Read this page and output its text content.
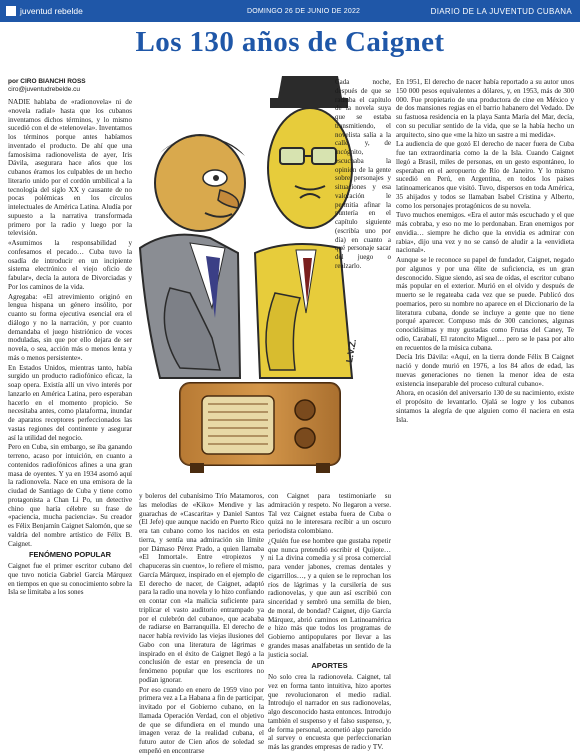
juventud rebelde	DOMINGO 26 DE JUNIO DE 2022	DIARIO DE LA JUVENTUD CUBANA
Los 130 años de Caignet
por CIRO BIANCHI ROSS
ciro@juventudrebelde.cu

NADIE hablaba de «radionovela» ni de «novela radial» hasta que los cubanos inventamos dichos términos, y lo mismo sucedió con el de «telenovela». Inventamos los términos porque antes habíamos inventado el producto. De ahí que una famosísima radionovelista de ayer, Iris Dávila, asegurara hace años que los cubanos éramos los culpables de un hecho literario unido por el cordón umbilical a la tecnología del siglo XX y causante de no pocas polémicas en los círculos intelectuales de América Latina. Aludía por supuesto a la narrativa transformada primero por la radio y luego por la televisión.

«Asumimos la responsabilidad y confesamos el pecado… Cuba tuvo la osadía de introducir en un incipiente sistema electrónico el viejo oficio de fabular», decía la autora de Divorciadas y Por los caminos de la vida.

Agregaba: «El atrevimiento originó en lengua hispana un género insólito, por cuanto su forma ejecutiva esencial era el diálogo y no la narración, y por cuanto demandaba el juego histriónico de voces moduladas, sin que por ello dejara de ser novela, o sea, acción más o menos lenta y más o menos persistente».

En Estados Unidos, mientras tanto, había surgido un producto radiofónico eficaz, la soap opera. Existía allí un vivo interés por lanzarlo en América Latina, pero esperaban hacerlo en el momento propicio. Se necesitaba antes, como plataforma, inundar de aparatos receptores perfeccionados las vastas regiones del continente y asegurar así la utilidad del negocio.

Pero en Cuba, sin embargo, se iba ganando terreno, acaso por intuición, en cuanto a contenidos radiofónicos afines a una gran masa de oyentes. Y ya en 1934 asomó aquí la radionovela. Nace en una emisora de la ciudad de Santiago de Cuba y tiene como protagonista a Chan Li Po, un detective chino que haría célebre su frase de «paciencia, mucha paciencia». Su creador es Félix Benjamín Caignet Salomón, que se valdría del nombre artístico de Félix B. Caignet.

FENÓMENO POPULAR

Caignet fue el primer escritor cubano del que tuvo noticia Gabriel García Márquez en tiempos en que su conocimiento sobre la Isla se limitaba a los sones

L.V.Z.

Cada noche, después de que se radiaba el capítulo de la novela suya que se estaba transmitiendo, el novelista salía a la calle, y, de incógnito, escuchaba la opinión de la gente sobre personajes y situaciones y esa valoración le permitía afinar la puntería en el capítulo siguiente (escribía uno por día) en cuanto a qué personaje sacar del juego o realzarlo.

y boleros del cubanísimo Trío Matamoros, las melodías de «Kiko» Mendive y las guarachas de «Cascarita» y Daniel Santos (El Jefe) que aunque nacido en Puerto Rico era tan cubano como los nacidos en esta tierra, y sentía una admiración sin límite por Dámaso Pérez Prado, a quien llamaba «El Inmortal». Entre «tropiezos y chapuceras sin cuento», lo refiere el mismo, García Márquez, inspirado en el ejemplo de El derecho de nacer, de Caignet, adaptó para la radio una novela y lo hizo confiando en contar con «la malicia suficiente para triplicar el vasto auditorio entrampado ya por el culebrón del cubano», que acababa de radiarse en Barranquilla. El derecho de nacer había revivido las viejas ilusiones del Gabo con una literatura de lágrimas e inspirado en el éxito de Caignet llegó a la conclusión de estar en presencia de un fenómeno popular que los escritores no podían ignorar.

Por eso cuando en enero de 1959 vino por primera vez a La Habana a fin de participar, invitado por el Gobierno cubano, en la llamada Operación Verdad, con el objetivo de que se difundiera en el mundo una imagen veraz de la realidad cubana, el futuro autor de Cien años de soledad se empeñó en encontrarse

con Caignet para testimoniarle su admiración y respeto. No llegaron a verse. Tal vez Caignet estaba fuera de Cuba o quizá no le interesara recibir a un oscuro periodista colombiano.

¿Quién fue ese hombre que gustaba repetir que nunca pretendió escribir el Quijote… ni La divina comedia y sí prosa comercial para vender jabones, cremas dentales y cigarrillos…, y a quien se le reprochan los ríos de lágrimas y la cursilería de sus radionovelas, y que aun así escribió con sinceridad y sembró una semilla de bien, de moral, de bondad? Caignet, dijo García Márquez, abrió caminos en Latinoamérica e hizo más que todos los programas de Gobierno antipopulares por llevar a las grandes masas analfabetas un sentido de la justicia social.

APORTES

No solo crea la radionovela. Caignet, tal vez en forma tanto intuitiva, hizo aportes que revolucionaron el medio radial. Introdujo el narrador en sus radionovelas, algo desconocido hasta entonces. Introdujo también el suspenso y el falso suspenso, y, de forma personal, acometió algo parecido al survey o encuesta que perfeccionarían más las grandes empresas de radio y TV.

En 1951, El derecho de nacer había reportado a su autor unos 150 000 pesos equivalentes a dólares, y, en 1953, más de 300 000. Fue propietario de una productora de cine en México y de dos mansiones regias en el barrio habanero del Vedado. De su fastuosa residencia en la playa Santa María del Mar, decía, con su peculiar sentido de la vida, que se la había hecho un arquitecto, sino que «me la hizo un sastre a mi medida».

La audiencia de que gozó El derecho de nacer fuera de Cuba fue tan extraordinaria como la de la Isla. Cuando Caignet llegó a Brasil, miles de personas, en un gesto espontáneo, lo esperaban en el aeropuerto de Río de Janeiro. Y lo mismo sucedió en Perú, en Argentina, en todos los países latinoamericanos que visitó. Tuvo, dispersos en toda América, 35 ahijados y todos se llamaban Isabel Cristina y Alberto, como los personajes protagónicos de su novela.

Tuvo muchos enemigos. «Era el autor más escuchado y el que más cobraba, y eso no me lo perdonaban. Eran enemigos por envidia… siempre he dicho que la envidia es admirar con rabia», dijo una vez y no se cansó de aludir a la «envidieta nacional».

Aunque se le reconoce su papel de fundador, Caignet, negado por algunos y por una élite de suficiencia, es un gran desconocido. Sigue siendo, así sea de oídas, el escritor cubano más popular en el exterior. Murió en el olvido y después de muerto se le regateaba cada vez que se puede. Publicó dos poemarios, pero su nombre no aparece en el Diccionario de la literatura cubana, donde se incluye a gente que no tiene porqué aparecer. Compuso más de 300 canciones, algunas conocidísimas y muy gustadas como Frutas del Caney, Te odio, Carabalí, El ratoncito Miguel… pero se le pasa por alto en recuentos de la música cubana.

Decía Iris Dávila: «Aquí, en la tierra donde Félix B Caignet nació y donde murió en 1976, a los 84 años de edad, las nuevas generaciones no tienen la menor idea de esta existencia inseparable del proceso cultural cubano».

Ahora, en ocasión del aniversario 130 de su nacimiento, existe el propósito de levantarlo. Ojalá se logre y los cubanos sintamos la alegría de que alguien como él naciera en esta Isla.
